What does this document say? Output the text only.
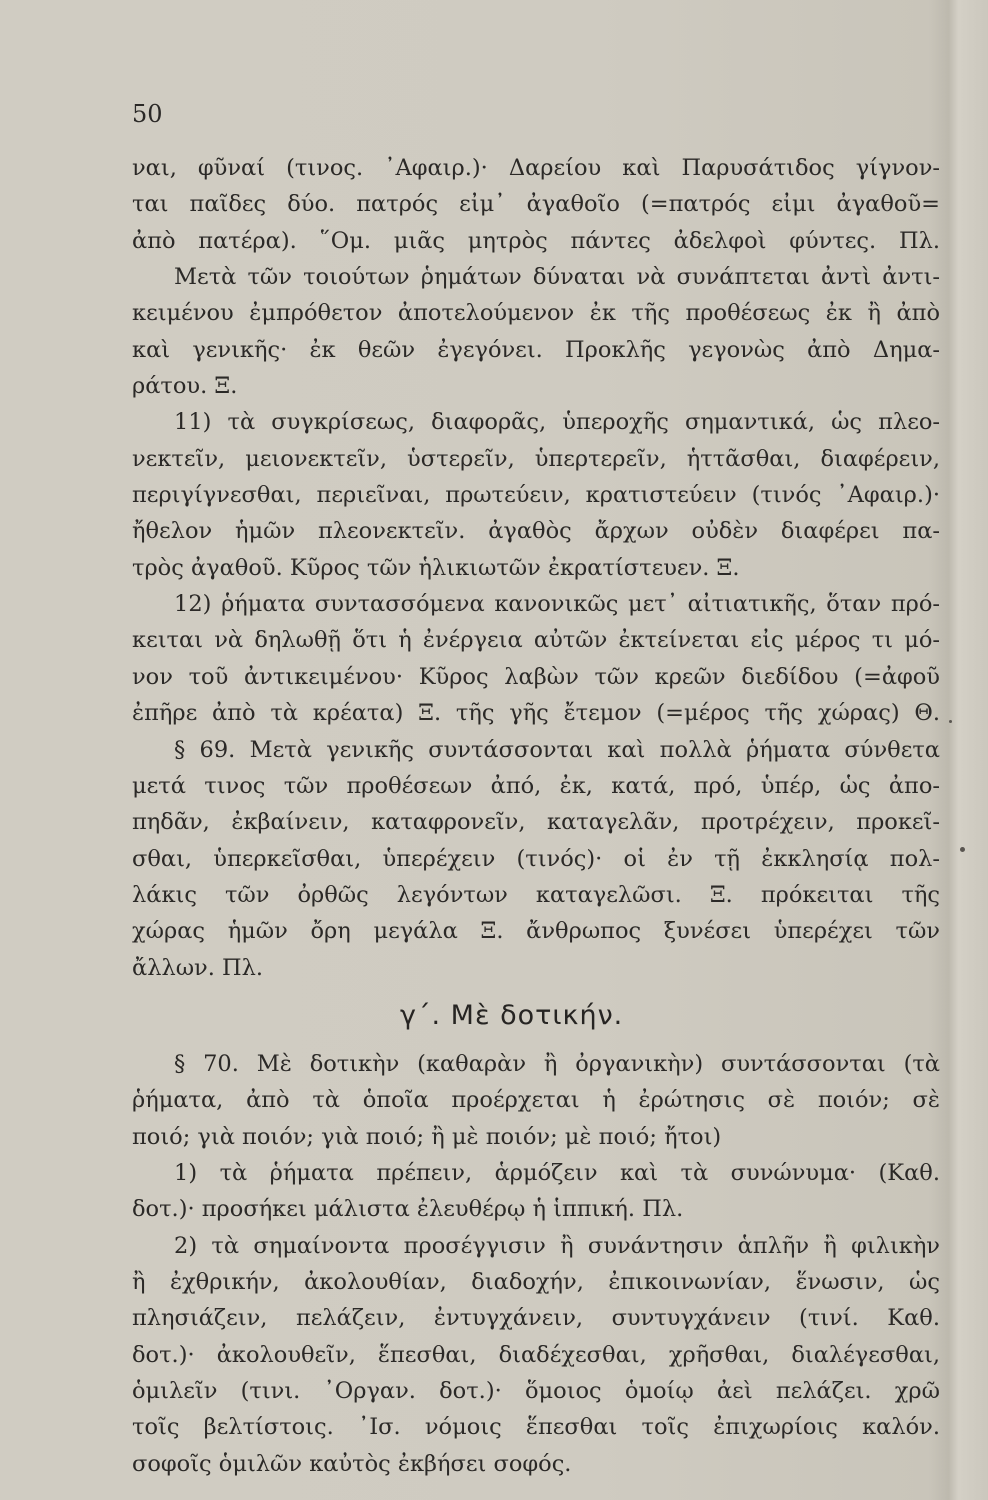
50
ναι, φῦναί (τινος. ᾿Αφαιρ.)· Δαρείου καὶ Παρυσάτιδος γίγνον-
ται παῖδες δύο. πατρός εἰμ᾿ ἀγαθοῖο (=πατρός εἰμι ἀγαθοῦ=
ἀπὸ πατέρα). ῞Ομ. μιᾶς μητρὸς πάντες ἀδελφοὶ φύντες. Πλ.
Μετὰ τῶν τοιούτων ῥημάτων δύναται νὰ συνάπτεται ἀντὶ ἀντι-
κειμένου ἐμπρόθετον ἀποτελούμενον ἐκ τῆς προθέσεως ἐκ ἢ ἀπὸ
καὶ γενικῆς· ἐκ θεῶν ἐγεγόνει. Προκλῆς γεγονὼς ἀπὸ Δημα-
ράτου. Ξ.
11) τὰ συγκρίσεως, διαφορᾶς, ὑπεροχῆς σημαντικά, ὡς πλεο-
νεκτεῖν, μειονεκτεῖν, ὑστερεῖν, ὑπερτερεῖν, ἡττᾶσθαι, διαφέρειν,
περιγίγνεσθαι, περιεῖναι, πρωτεύειν, κρατιστεύειν (τινός ᾿Αφαιρ.)·
ἤθελον ἡμῶν πλεονεκτεῖν. ἀγαθὸς ἄρχων οὐδὲν διαφέρει πα-
τρὸς ἀγαθοῦ. Κῦρος τῶν ἡλικιωτῶν ἐκρατίστευεν. Ξ.
12) ῥήματα συντασσόμενα κανονικῶς μετ᾿ αἰτιατικῆς, ὅταν πρό-
κειται νὰ δηλωθῇ ὅτι ἡ ἐνέργεια αὐτῶν ἐκτείνεται εἰς μέρος τι μό-
νον τοῦ ἀντικειμένου· Κῦρος λαβὼν τῶν κρεῶν διεδίδου (=ἀφοῦ
ἐπῆρε ἀπὸ τὰ κρέατα) Ξ. τῆς γῆς ἔτεμον (=μέρος τῆς χώρας) Θ.
§ 69. Μετὰ γενικῆς συντάσσονται καὶ πολλὰ ῥήματα σύνθετα
μετά τινος τῶν προθέσεων ἀπό, ἐκ, κατά, πρό, ὑπέρ, ὡς ἀπο-
πηδᾶν, ἐκβαίνειν, καταφρονεῖν, καταγελᾶν, προτρέχειν, προκεῖ-
σθαι, ὑπερκεῖσθαι, ὑπερέχειν (τινός)· οἱ ἐν τῇ ἐκκλησίᾳ πολ-
λάκις τῶν ὀρθῶς λεγόντων καταγελῶσι. Ξ. πρόκειται τῆς
χώρας ἡμῶν ὄρη μεγάλα Ξ. ἄνθρωπος ξυνέσει ὑπερέχει τῶν
ἄλλων. Πλ.
γ΄. Μὲ δοτικήν.
§ 70. Μὲ δοτικὴν (καθαρὰν ἢ ὀργανικὴν) συντάσσονται (τὰ
ῥήματα, ἀπὸ τὰ ὁποῖα προέρχεται ἡ ἐρώτησις σὲ ποιόν; σὲ
ποιό; γιὰ ποιόν; γιὰ ποιό; ἢ μὲ ποιόν; μὲ ποιό; ἤτοι)
1) τὰ ῥήματα πρέπειν, ἁρμόζειν καὶ τὰ συνώνυμα· (Καθ.
δοτ.)· προσήκει μάλιστα ἐλευθέρῳ ἡ ἱππική. Πλ.
2) τὰ σημαίνοντα προσέγγισιν ἢ συνάντησιν ἁπλῆν ἢ φιλικὴν
ἢ ἐχθρικήν, ἀκολουθίαν, διαδοχήν, ἐπικοινωνίαν, ἕνωσιν, ὡς
πλησιάζειν, πελάζειν, ἐντυγχάνειν, συντυγχάνειν (τινί. Καθ.
δοτ.)· ἀκολουθεῖν, ἕπεσθαι, διαδέχεσθαι, χρῆσθαι, διαλέγεσθαι,
ὁμιλεῖν (τινι. ᾿Οργαν. δοτ.)· ὅμοιος ὁμοίῳ ἀεὶ πελάζει. χρῶ
τοῖς βελτίστοις. ᾿Ισ. νόμοις ἕπεσθαι τοῖς ἐπιχωρίοις καλόν.
σοφοῖς ὁμιλῶν καὐτὸς ἐκβήσει σοφός.
